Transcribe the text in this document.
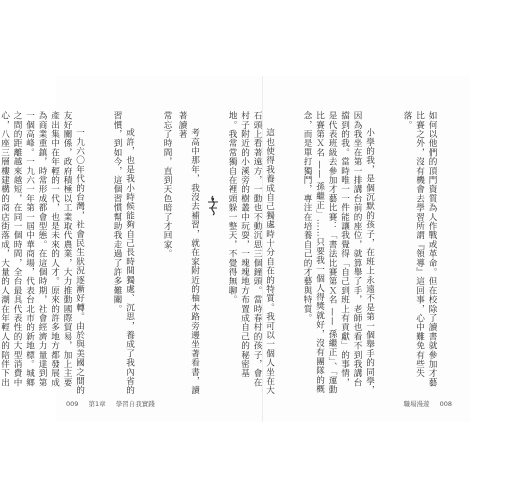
常忘了時間，直到天色暗了才回家。

或許，也是我小時候能夠自己長時間獨處、沉思，養成了我內省的習慣，到如今，這個習慣幫助我走過了許多難關。

一九六〇年代的台灣，社會民生狀況逐漸好轉。由於與美國之間的友好關係，政府積極以工業取代農業，大力推動國際貿易，加上主要產出集中在年輕的一代，也是未來的人才。原來的許多地方都發展成為商業重鎮，時常形成都會型態。在這個時期，社會經濟力量達到第一個高峰。一九六一年第一屆中華商場，代表台北市的新地標。城鄉之間的距離越來越短，在同一個時間，全台最具代表性的大型消費中心，八座三層樓建構的商店街落成，大量的人潮在年輕人的陪伴下出

009 第1章 學習自我實踐

如何以他們的頂門資質為人作戰或革命。但在校除了讀書就參加才藝比賽之外，沒有機會去學習所謂『領導』這回事，心中難免有些失落。

小學的我，是個沉默的孩子，在班上永遠不是第一個舉手的同學，因為我坐在第一排講台前的座位，就算舉了手，老師也看不到我講台擋到的我。當時唯一一件能讓我覺得「自己到班上有貢獻」的事情，是代表班級去參加才藝比賽：「書法比賽第Ｘ名 —— 孫繼正」、「運動比賽第Ｘ名 —— 孫繼正」……只要我一個人得獎就好，沒有團隊的概念，而是單打獨鬥，專注在培養自己的才藝與特質。

這也使得我養成自己獨處時十分自在的特質。我可以一個人坐在大石頭上看著遠方，一動也不動沉思三個鐘頭。當時春村的孩子，會在村子附近的小溪旁的樹叢中玩耍，一塊塊地方布置成自己的秘密基地。我常常獨自在裡頭躲一整天，不覺得無聊。

考高中那年，我沒去補習，就在家附近的柚木路旁邊坐著看書，讀著讀著

職場漫遊 008
